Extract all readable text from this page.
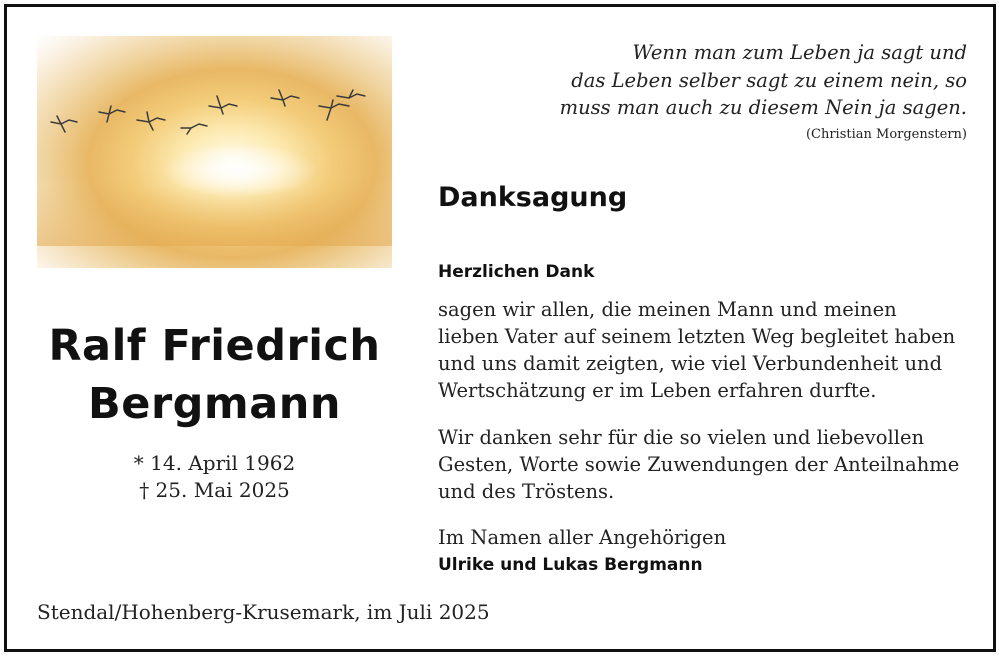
Wenn man zum Leben ja sagt und
das Leben selber sagt zu einem nein, so
muss man auch zu diesem Nein ja sagen.
(Christian Morgenstern)
Danksagung
Herzlichen Dank
sagen wir allen, die meinen Mann und meinen
lieben Vater auf seinem letzten Weg begleitet haben
und uns damit zeigten, wie viel Verbundenheit und
Wertschätzung er im Leben erfahren durfte.
Wir danken sehr für die so vielen und liebevollen
Gesten, Worte sowie Zuwendungen der Anteilnahme
und des Tröstens.
Im Namen aller Angehörigen
Ulrike und Lukas Bergmann
Ralf Friedrich
Bergmann
* 14. April 1962
† 25. Mai 2025
Stendal/Hohenberg-Krusemark, im Juli 2025
